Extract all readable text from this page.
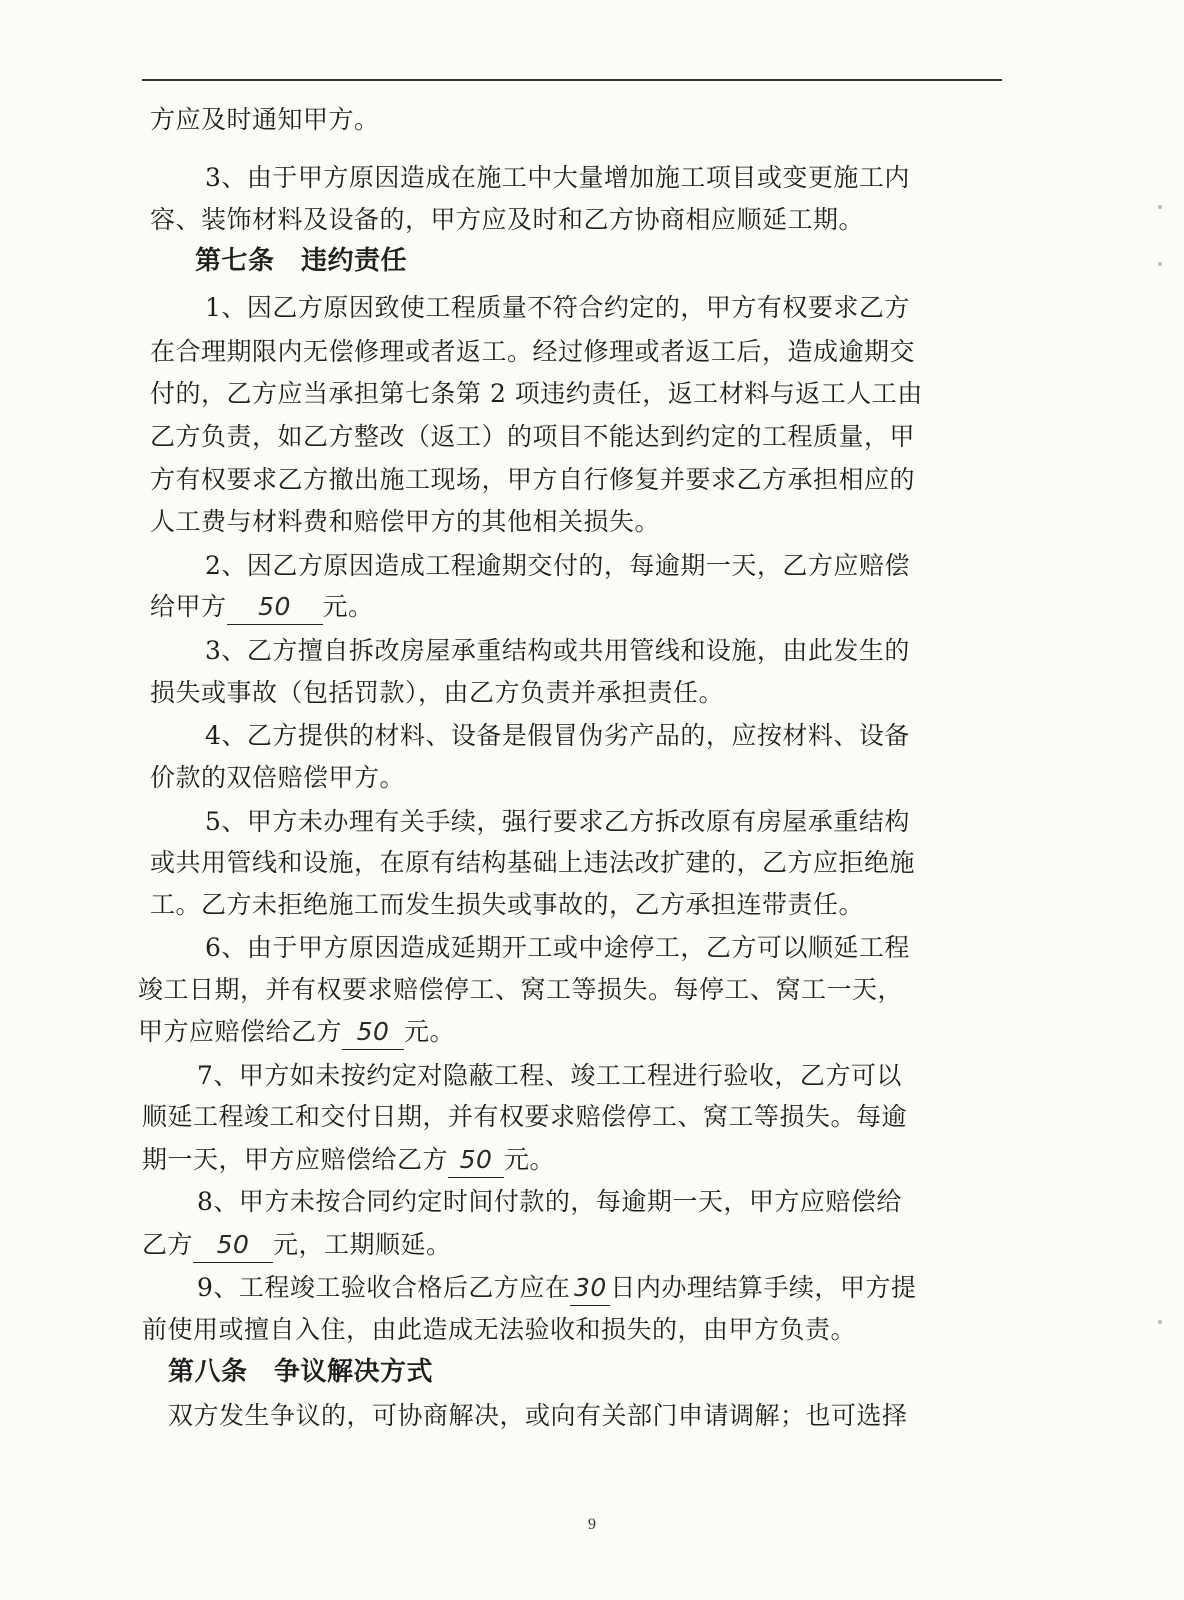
方应及时通知甲方。
3、由于甲方原因造成在施工中大量增加施工项目或变更施工内
容、装饰材料及设备的，甲方应及时和乙方协商相应顺延工期。
第七条　违约责任
1、因乙方原因致使工程质量不符合约定的，甲方有权要求乙方
在合理期限内无偿修理或者返工。经过修理或者返工后，造成逾期交
付的，乙方应当承担第七条第 2 项违约责任，返工材料与返工人工由
乙方负责，如乙方整改（返工）的项目不能达到约定的工程质量，甲
方有权要求乙方撤出施工现场，甲方自行修复并要求乙方承担相应的
人工费与材料费和赔偿甲方的其他相关损失。
2、因乙方原因造成工程逾期交付的，每逾期一天，乙方应赔偿
给甲方 50 元。
3、乙方擅自拆改房屋承重结构或共用管线和设施，由此发生的
损失或事故（包括罚款），由乙方负责并承担责任。
4、乙方提供的材料、设备是假冒伪劣产品的，应按材料、设备
价款的双倍赔偿甲方。
5、甲方未办理有关手续，强行要求乙方拆改原有房屋承重结构
或共用管线和设施，在原有结构基础上违法改扩建的，乙方应拒绝施
工。乙方未拒绝施工而发生损失或事故的，乙方承担连带责任。
6、由于甲方原因造成延期开工或中途停工，乙方可以顺延工程
竣工日期，并有权要求赔偿停工、窝工等损失。每停工、窝工一天，
甲方应赔偿给乙方 50 元。
7、甲方如未按约定对隐蔽工程、竣工工程进行验收，乙方可以
顺延工程竣工和交付日期，并有权要求赔偿停工、窝工等损失。每逾
期一天，甲方应赔偿给乙方 50 元。
8、甲方未按合同约定时间付款的，每逾期一天，甲方应赔偿给
乙方 50 元，工期顺延。
9、工程竣工验收合格后乙方应在 30 日内办理结算手续，甲方提
前使用或擅自入住，由此造成无法验收和损失的，由甲方负责。
第八条　争议解决方式
双方发生争议的，可协商解决，或向有关部门申请调解；也可选择
9
